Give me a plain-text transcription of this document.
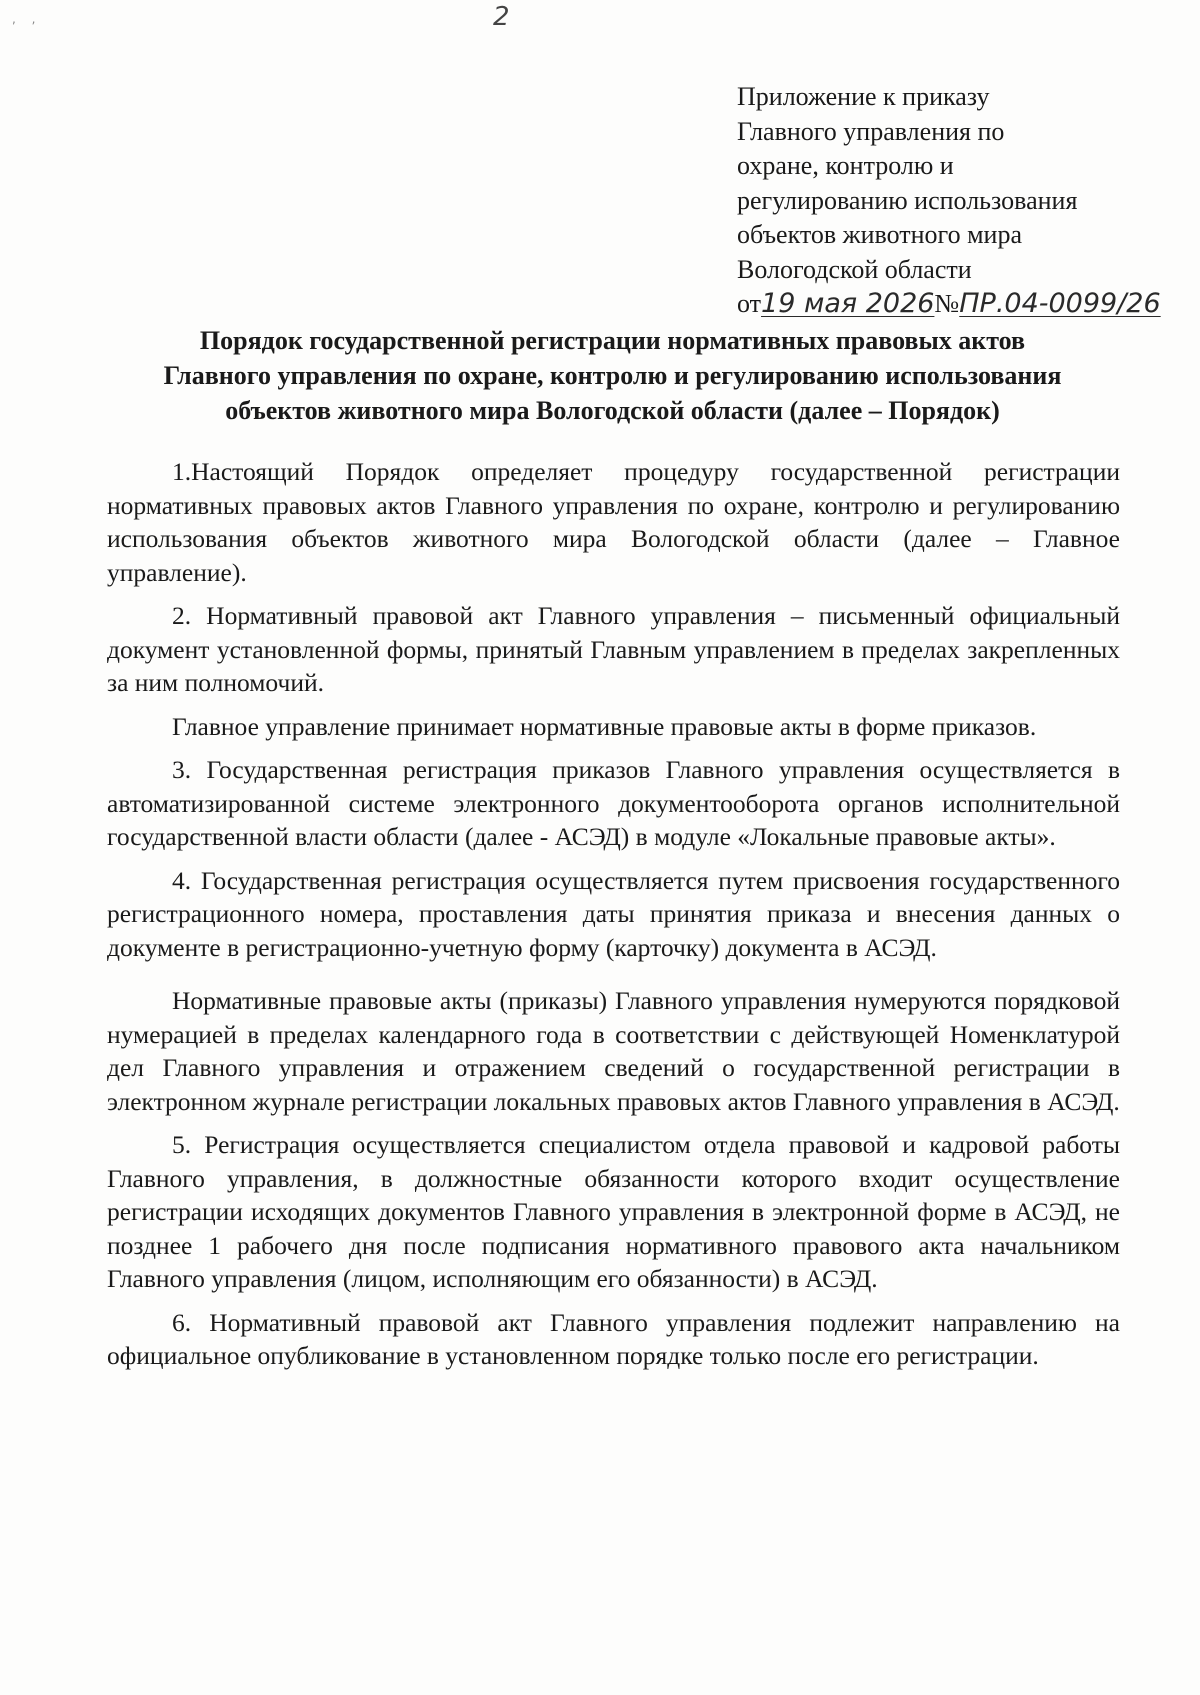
, ,	2
Приложение к приказу
Главного управления по
охране, контролю и
регулированию использования
объектов животного мира
Вологодской области
от19 мая 2026№ПР.04-0099/26
Порядок государственной регистрации нормативных правовых актов
Главного управления по охране, контролю и регулированию использования
объектов животного мира Вологодской области (далее – Порядок)

1.Настоящий Порядок определяет процедуру государственной регистрации нормативных правовых актов Главного управления по охране, контролю и регулированию использования объектов животного мира Вологодской области (далее – Главное управление).

2. Нормативный правовой акт Главного управления – письменный официальный документ установленной формы, принятый Главным управлением в пределах закрепленных за ним полномочий.

Главное управление принимает нормативные правовые акты в форме приказов.

3. Государственная регистрация приказов Главного управления осуществляется в автоматизированной системе электронного документооборота органов исполнительной государственной власти области (далее - АСЭД) в модуле «Локальные правовые акты».

4. Государственная регистрация осуществляется путем присвоения государственного регистрационного номера, проставления даты принятия приказа и внесения данных о документе в регистрационно-учетную форму (карточку) документа в АСЭД.

Нормативные правовые акты (приказы) Главного управления нумеруются порядковой нумерацией в пределах календарного года в соответствии с действующей Номенклатурой дел Главного управления и отражением сведений о государственной регистрации в электронном журнале регистрации локальных правовых актов Главного управления в АСЭД.

5. Регистрация осуществляется специалистом отдела правовой и кадровой работы Главного управления, в должностные обязанности которого входит осуществление регистрации исходящих документов Главного управления в электронной форме в АСЭД, не позднее 1 рабочего дня после подписания нормативного правового акта начальником Главного управления (лицом, исполняющим его обязанности) в АСЭД.

6. Нормативный правовой акт Главного управления подлежит направлению на официальное опубликование в установленном порядке только после его регистрации.
